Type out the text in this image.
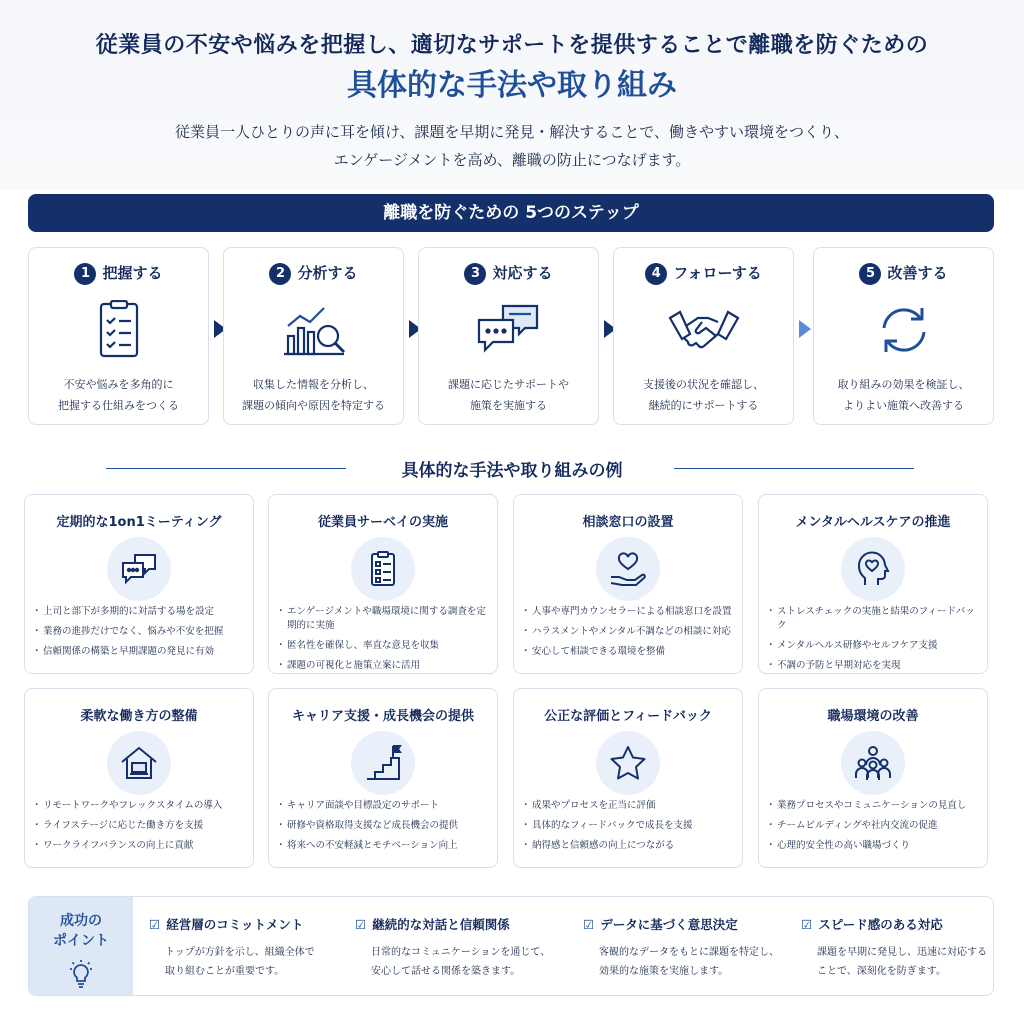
従業員の不安や悩みを把握し、適切なサポートを提供することで離職を防ぐための
具体的な手法や取り組み
従業員一人ひとりの声に耳を傾け、課題を早期に発見・解決することで、働きやすい環境をつくり、
エンゲージメントを高め、離職の防止につなげます。
離職を防ぐための 5つのステップ
1 把握する
不安や悩みを多角的に
把握する仕組みをつくる
2 分析する
収集した情報を分析し、
課題の傾向や原因を特定する
3 対応する
課題に応じたサポートや
施策を実施する
4 フォローする
支援後の状況を確認し、
継続的にサポートする
5 改善する
取り組みの効果を検証し、
よりよい施策へ改善する
具体的な手法や取り組みの例
定期的な1on1ミーティング
・ 上司と部下が多期的に対話する場を設定
・ 業務の進捗だけでなく、悩みや不安を把握
・ 信頼関係の構築と早期課題の発見に有効
従業員サーベイの実施
・ エンゲージメントや職場環境に関する調査を定期的に実施
・ 匿名性を確保し、率直な意見を収集
・ 課題の可視化と施策立案に活用
相談窓口の設置
・ 人事や専門カウンセラーによる相談窓口を設置
・ ハラスメントやメンタル不調などの相談に対応
・ 安心して相談できる環境を整備
メンタルヘルスケアの推進
・ ストレスチェックの実施と結果のフィードバック
・ メンタルヘルス研修やセルフケア支援
・ 不調の予防と早期対応を実現
柔軟な働き方の整備
・ リモートワークやフレックスタイムの導入
・ ライフステージに応じた働き方を支援
・ ワークライフバランスの向上に貢献
キャリア支援・成長機会の提供
・ キャリア面談や目標設定のサポート
・ 研修や資格取得支援など成長機会の提供
・ 将来への不安軽減とモチベーション向上
公正な評価とフィードバック
・ 成果やプロセスを正当に評価
・ 具体的なフィードバックで成長を支援
・ 納得感と信頼感の向上につながる
職場環境の改善
・ 業務プロセスやコミュニケーションの見直し
・ チームビルディングや社内交流の促進
・ 心理的安全性の高い職場づくり
成功の
ポイント
☑ 経営層のコミットメント
トップが方針を示し、組織全体で
取り組むことが重要です。
☑ 継続的な対話と信頼関係
日常的なコミュニケーションを通じて、
安心して話せる関係を築きます。
☑ データに基づく意思決定
客観的なデータをもとに課題を特定し、
効果的な施策を実施します。
☑ スピード感のある対応
課題を早期に発見し、迅速に対応する
ことで、深刻化を防ぎます。
